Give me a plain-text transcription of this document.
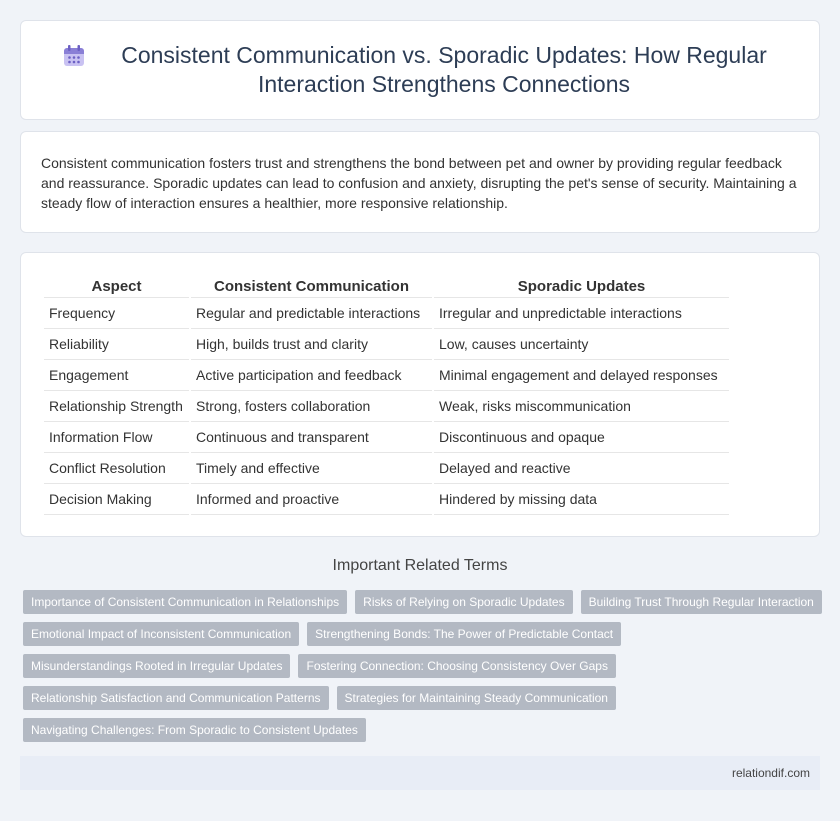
Consistent Communication vs. Sporadic Updates: How Regular Interaction Strengthens Connections

Consistent communication fosters trust and strengthens the bond between pet and owner by providing regular feedback and reassurance. Sporadic updates can lead to confusion and anxiety, disrupting the pet's sense of security. Maintaining a steady flow of interaction ensures a healthier, more responsive relationship.

Aspect	Consistent Communication	Sporadic Updates
Frequency	Regular and predictable interactions	Irregular and unpredictable interactions
Reliability	High, builds trust and clarity	Low, causes uncertainty
Engagement	Active participation and feedback	Minimal engagement and delayed responses
Relationship Strength	Strong, fosters collaboration	Weak, risks miscommunication
Information Flow	Continuous and transparent	Discontinuous and opaque
Conflict Resolution	Timely and effective	Delayed and reactive
Decision Making	Informed and proactive	Hindered by missing data
Important Related Terms
Importance of Consistent Communication in Relationships	Risks of Relying on Sporadic Updates	Building Trust Through Regular Interaction
Emotional Impact of Inconsistent Communication	Strengthening Bonds: The Power of Predictable Contact
Misunderstandings Rooted in Irregular Updates	Fostering Connection: Choosing Consistency Over Gaps
Relationship Satisfaction and Communication Patterns	Strategies for Maintaining Steady Communication
Navigating Challenges: From Sporadic to Consistent Updates
relationdif.com
